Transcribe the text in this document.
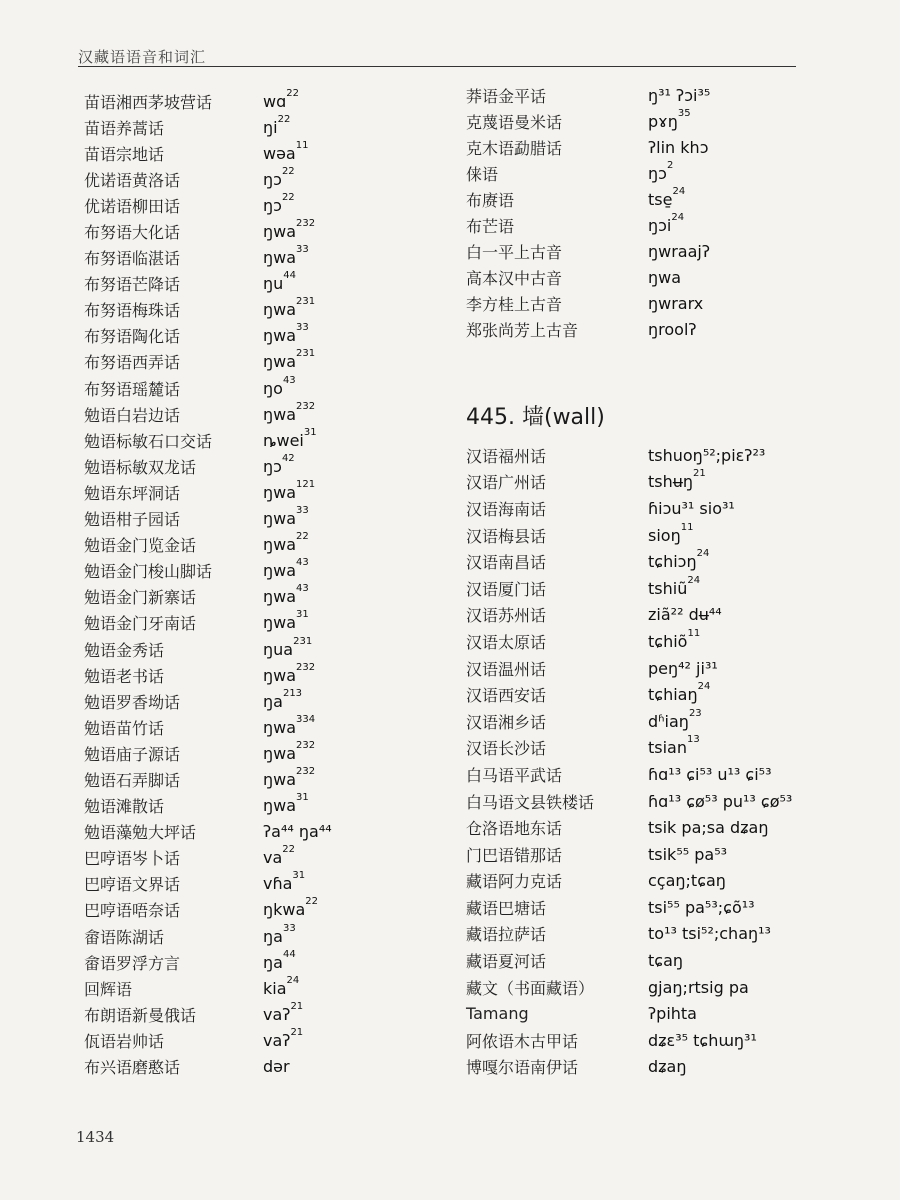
汉藏语语音和词汇
苗语湘西茅坡营话	wɑ$^{22}$
苗语养蒿话	$ŋi^{22}$
苗语宗地话	wəa$^{11}$
优诺语黄洛话	ŋɔ$^{22}$
优诺语柳田话	ŋɔ$^{22}$
布努语大化话	ŋwa$^{232}$
布努语临湛话	ŋwa$^{33}$
布努语芒降话	$ŋu^{44}$
布努语梅珠话	ŋwa$^{231}$
布努语陶化话	ŋwa$^{33}$
布努语西弄话	ŋwa$^{231}$
布努语瑶麓话	$ŋo^{43}$
勉语白岩边话	ŋwa$^{232}$
勉语标敏石口交话	ȵwei$^{31}$
勉语标敏双龙话	ŋɔ$^{42}$
勉语东坪洞话	ŋwa$^{121}$
勉语柑子园话	ŋwa$^{33}$
勉语金门览金话	ŋwa$^{22}$
勉语金门梭山脚话	ŋwa$^{43}$
勉语金门新寨话	ŋwa$^{43}$
勉语金门牙南话	ŋwa$^{31}$
勉语金秀话	ŋua$^{231}$
勉语老书话	ŋwa$^{232}$
勉语罗香坳话	$ŋa^{213}$
勉语苗竹话	ŋwa$^{334}$
勉语庙子源话	ŋwa$^{232}$
勉语石弄脚话	ŋwa$^{232}$
勉语滩散话	ŋwa$^{31}$
勉语藻勉大坪话	ʔa⁴⁴ ŋa⁴⁴
巴哼语岑卜话	$va^{22}$
巴哼语文界话	vɦa$^{31}$
巴哼语唔奈话	ŋkwa$^{22}$
畲语陈湖话	$ŋa^{33}$
畲语罗浮方言	$ŋa^{44}$
回辉语	kia$^{24}$
布朗语新曼俄话	vaʔ$^{21}$
佤语岩帅话	vaʔ$^{21}$
布兴语磨憨话	dər
莽语金平话	ŋ³¹ ʔɔi³⁵
克蔑语曼米话	pɤŋ$^{35}$
克木语勐腊话	ʔlin khɔ
俫语	ŋɔ$^2$
布赓语	tse̱$^{24}$
布芒语	ŋɔi$^{24}$
白一平上古音	ŋwraajʔ
高本汉中古音	ŋwa
李方桂上古音	ŋwrarx
郑张尚芳上古音	ŋroolʔ
445. 墙(wall)
汉语福州话	tshuoŋ⁵²;piɛʔ²³
汉语广州话	tshʉŋ$^{21}$
汉语海南话	ɦiɔu³¹ sio³¹
汉语梅县话	sioŋ$^{11}$
汉语南昌话	tɕhiɔŋ$^{24}$
汉语厦门话	tshiũ$^{24}$
汉语苏州话	ziã²² dʉ⁴⁴
汉语太原话	tɕhiõ$^{11}$
汉语温州话	peŋ⁴² ji³¹
汉语西安话	tɕhiaŋ$^{24}$
汉语湘乡话	dʱiaŋ$^{23}$
汉语长沙话	tsian$^{13}$
白马语平武话	ɦɑ¹³ ɕi⁵³ u¹³ ɕi⁵³
白马语文县铁楼话	ɦɑ¹³ ɕø⁵³ pu¹³ ɕø⁵³
仓洛语地东话	tsik pa;sa dʑaŋ
门巴语错那话	tsik⁵⁵ pa⁵³
藏语阿力克话	cçaŋ;tɕaŋ
藏语巴塘话	tsi⁵⁵ pa⁵³;ɕõ¹³
藏语拉萨话	to¹³ tsi⁵²;chaŋ¹³
藏语夏河话	tɕaŋ
藏文（书面藏语）	gjaŋ;rtsig pa
Tamang	ʔpihta
阿侬语木古甲话	dʑɛ³⁵ tɕhɯŋ³¹
博嘎尔语南伊话	dʑaŋ
1434
